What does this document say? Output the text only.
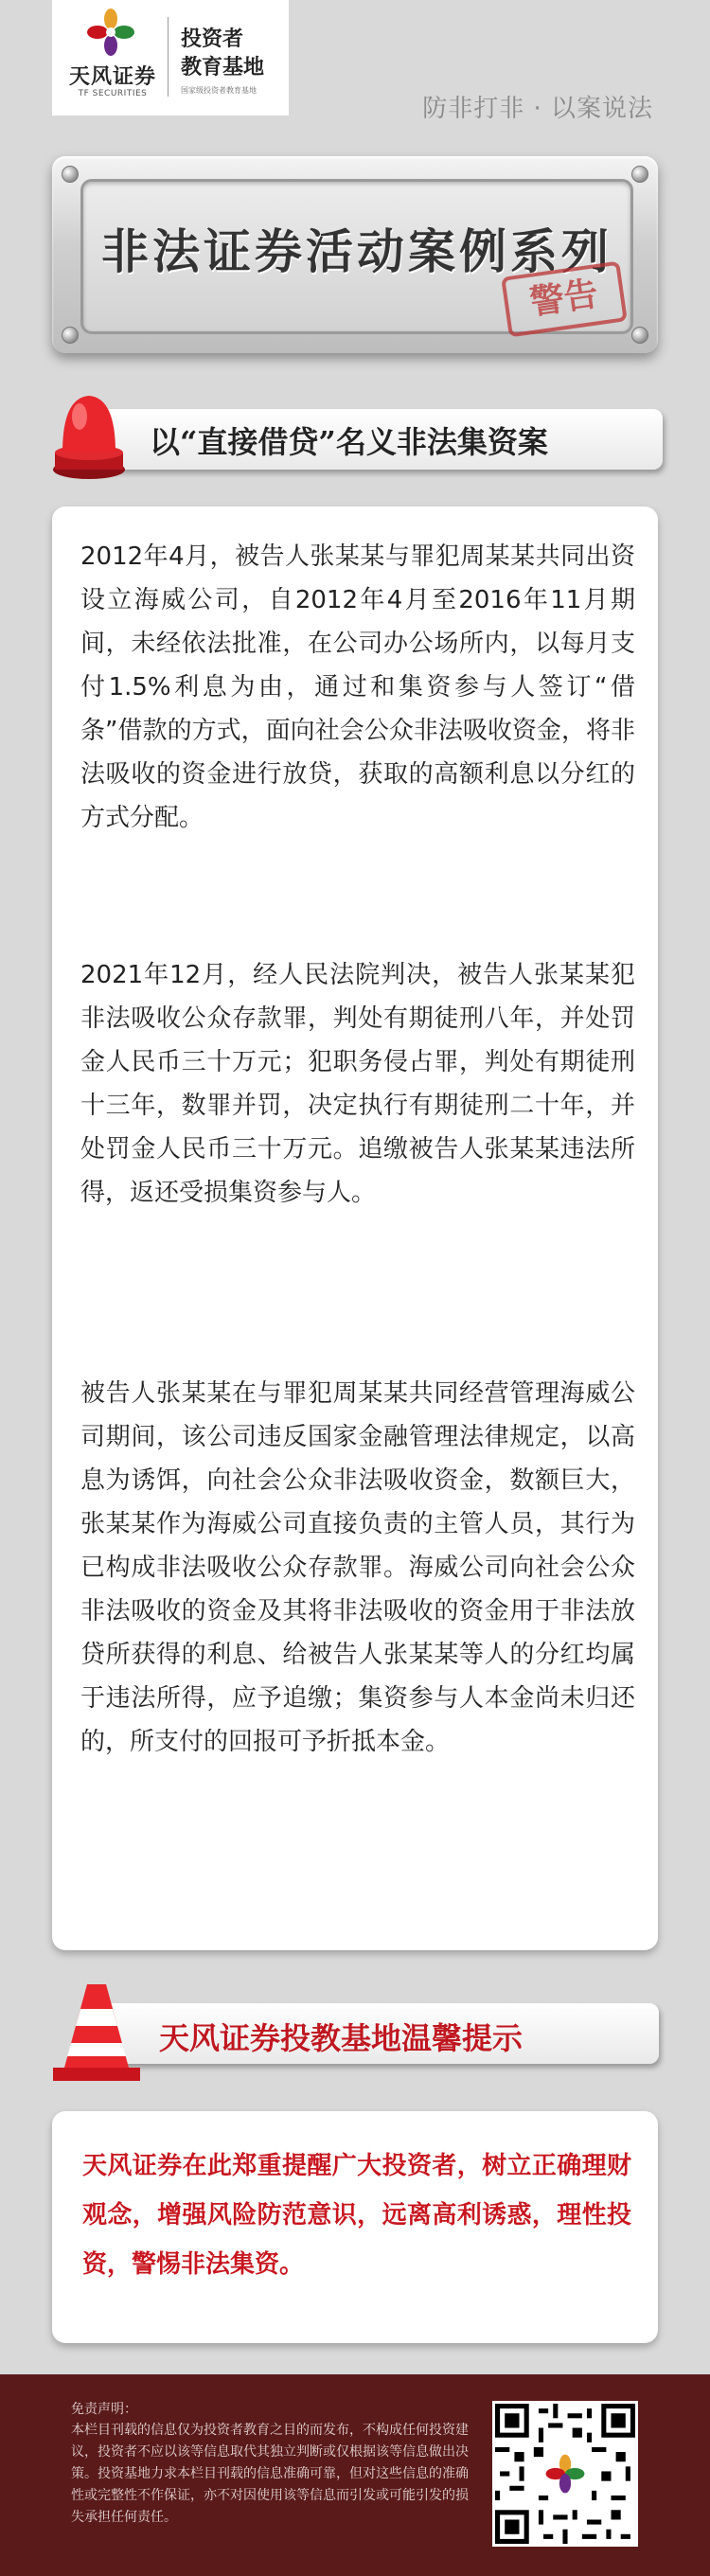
天风证券
TF SECURITIES
投资者
教育基地
国家级投资者教育基地
防非打非 · 以案说法
非法证券活动案例系列
警告
以“直接借贷”名义非法集资案
2012年4月，被告人张某某与罪犯周某某共同出资设立海威公司，自2012年4月至2016年11月期间，未经依法批准，在公司办公场所内，以每月支付1.5%利息为由，通过和集资参与人签订“借条”借款的方式，面向社会公众非法吸收资金，将非法吸收的资金进行放贷，获取的高额利息以分红的方式分配。
2021年12月，经人民法院判决，被告人张某某犯非法吸收公众存款罪，判处有期徒刑八年，并处罚金人民币三十万元；犯职务侵占罪，判处有期徒刑十三年，数罪并罚，决定执行有期徒刑二十年，并处罚金人民币三十万元。追缴被告人张某某违法所得，返还受损集资参与人。
被告人张某某在与罪犯周某某共同经营管理海威公司期间，该公司违反国家金融管理法律规定，以高息为诱饵，向社会公众非法吸收资金，数额巨大，张某某作为海威公司直接负责的主管人员，其行为已构成非法吸收公众存款罪。海威公司向社会公众非法吸收的资金及其将非法吸收的资金用于非法放贷所获得的利息、给被告人张某某等人的分红均属于违法所得，应予追缴；集资参与人本金尚未归还的，所支付的回报可予折抵本金。
天风证券投教基地温馨提示
天风证券在此郑重提醒广大投资者，树立正确理财观念，增强风险防范意识，远离高利诱惑，理性投资，警惕非法集资。
免责声明：
本栏目刊载的信息仅为投资者教育之目的而发布，不构成任何投资建议，投资者不应以该等信息取代其独立判断或仅根据该等信息做出决策。投资基地力求本栏目刊载的信息准确可靠，但对这些信息的准确性或完整性不作保证，亦不对因使用该等信息而引发或可能引发的损失承担任何责任。
